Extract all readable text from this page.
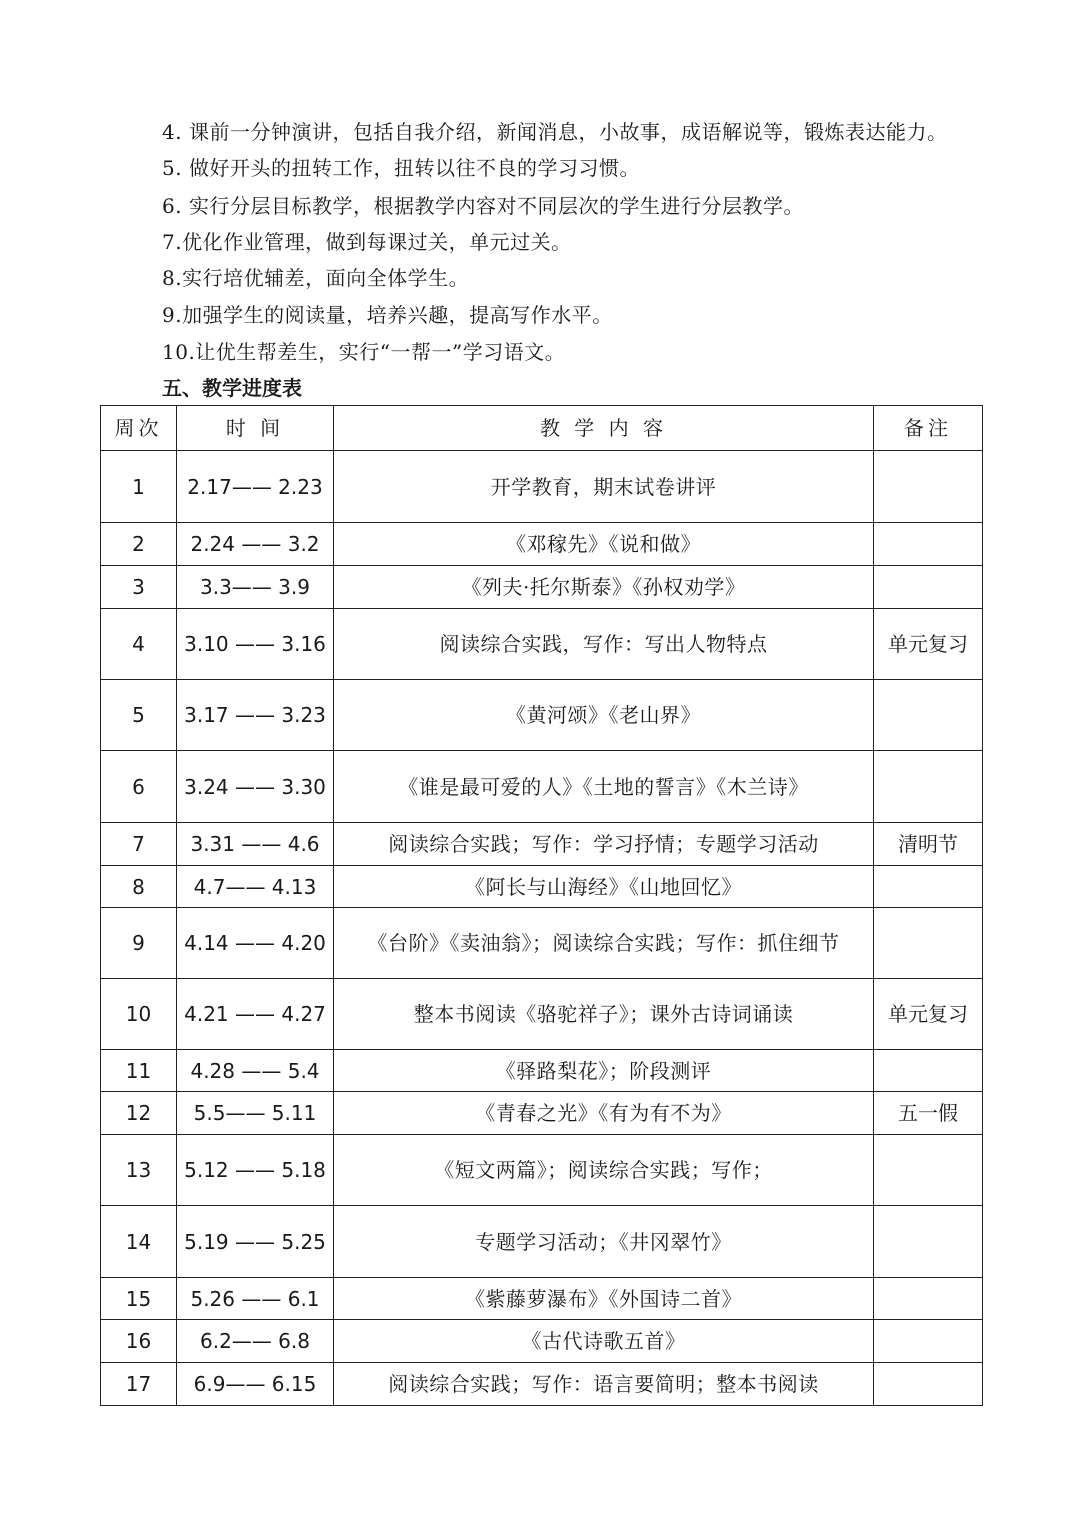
4. 课前一分钟演讲，包括自我介绍，新闻消息，小故事，成语解说等，锻炼表达能力。
5. 做好开头的扭转工作，扭转以往不良的学习习惯。
6. 实行分层目标教学，根据教学内容对不同层次的学生进行分层教学。
7.优化作业管理，做到每课过关，单元过关。
8.实行培优辅差，面向全体学生。
9.加强学生的阅读量，培养兴趣，提高写作水平。
10.让优生帮差生，实行“一帮一”学习语文。
五、教学进度表
周次	时 间	教 学 内 容	备注
1	2.17—— 2.23	开学教育，期末试卷讲评	
2	2.24 —— 3.2	《邓稼先》《说和做》	
3	3.3—— 3.9	《列夫·托尔斯泰》《孙权劝学》	
4	3.10 —— 3.16	阅读综合实践，写作：写出人物特点	单元复习
5	3.17 —— 3.23	《黄河颂》《老山界》	
6	3.24 —— 3.30	《谁是最可爱的人》《土地的誓言》《木兰诗》	
7	3.31 —— 4.6	阅读综合实践；写作：学习抒情；专题学习活动	清明节
8	4.7—— 4.13	《阿长与山海经》《山地回忆》	
9	4.14 —— 4.20	《台阶》《卖油翁》；阅读综合实践；写作：抓住细节	
10	4.21 —— 4.27	整本书阅读《骆驼祥子》；课外古诗词诵读	单元复习
11	4.28 —— 5.4	《驿路梨花》；阶段测评	
12	5.5—— 5.11	《青春之光》《有为有不为》	五一假
13	5.12 —— 5.18	《短文两篇》；阅读综合实践；写作；	
14	5.19 —— 5.25	专题学习活动；《井冈翠竹》	
15	5.26 —— 6.1	《紫藤萝瀑布》《外国诗二首》	
16	6.2—— 6.8	《古代诗歌五首》	
17	6.9—— 6.15	阅读综合实践；写作：语言要简明；整本书阅读	
